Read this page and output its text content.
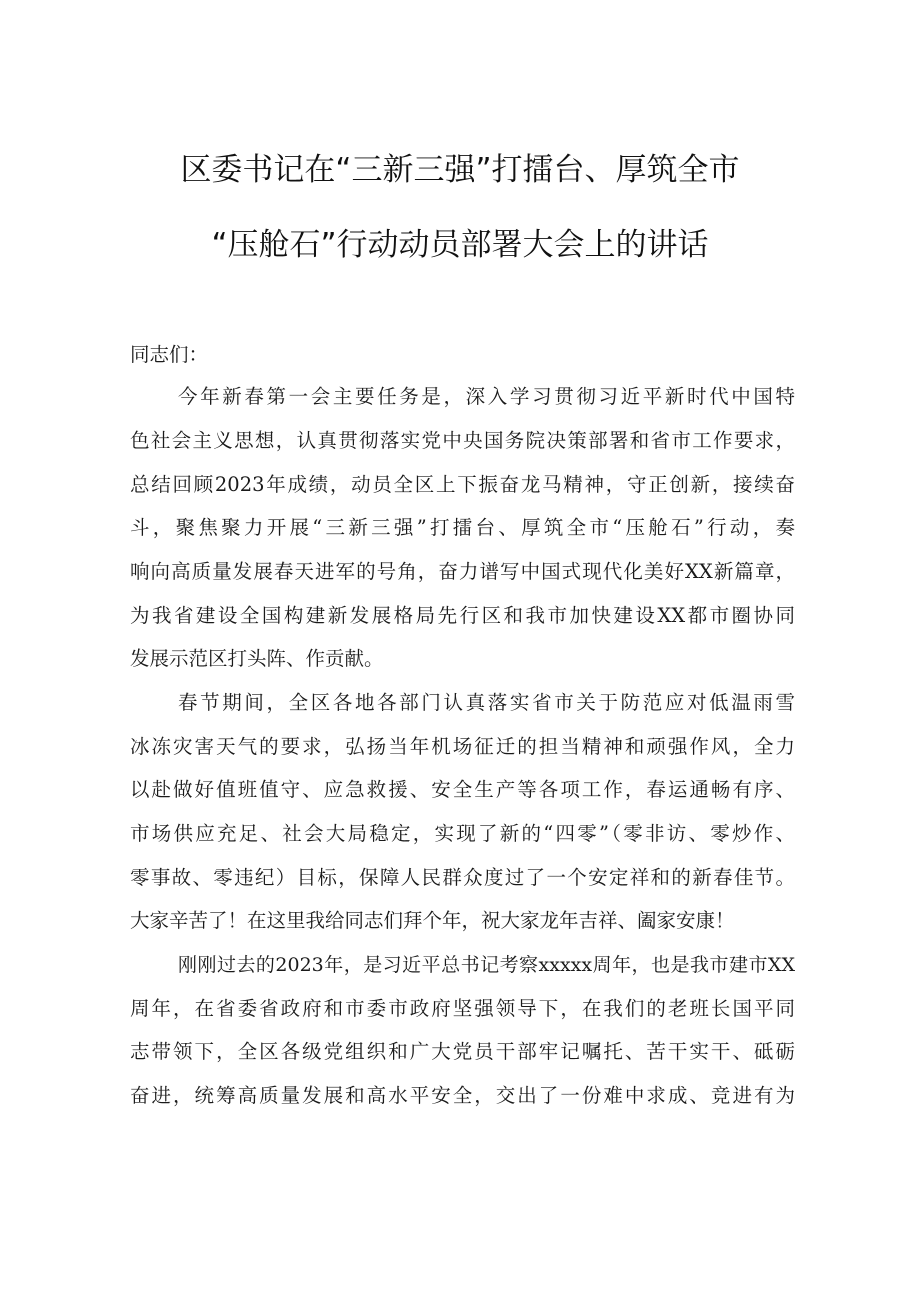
区委书记在“三新三强”打擂台、厚筑全市
“压舱石”行动动员部署大会上的讲话
同志们：
今年新春第一会主要任务是，深入学习贯彻习近平新时代中国特
色社会主义思想，认真贯彻落实党中央国务院决策部署和省市工作要求，
总结回顾2023年成绩，动员全区上下振奋龙马精神，守正创新，接续奋
斗，聚焦聚力开展“三新三强”打擂台、厚筑全市“压舱石”行动，奏
响向高质量发展春天进军的号角，奋力谱写中国式现代化美好XX新篇章，
为我省建设全国构建新发展格局先行区和我市加快建设XX都市圈协同
发展示范区打头阵、作贡献。
春节期间，全区各地各部门认真落实省市关于防范应对低温雨雪
冰冻灾害天气的要求，弘扬当年机场征迁的担当精神和顽强作风，全力
以赴做好值班值守、应急救援、安全生产等各项工作，春运通畅有序、
市场供应充足、社会大局稳定，实现了新的“四零”（零非访、零炒作、
零事故、零违纪）目标，保障人民群众度过了一个安定祥和的新春佳节。
大家辛苦了！在这里我给同志们拜个年，祝大家龙年吉祥、阖家安康！
刚刚过去的2023年，是习近平总书记考察xxxxx周年，也是我市建市XX
周年，在省委省政府和市委市政府坚强领导下，在我们的老班长国平同
志带领下，全区各级党组织和广大党员干部牢记嘱托、苦干实干、砥砺
奋进，统筹高质量发展和高水平安全，交出了一份难中求成、竞进有为
